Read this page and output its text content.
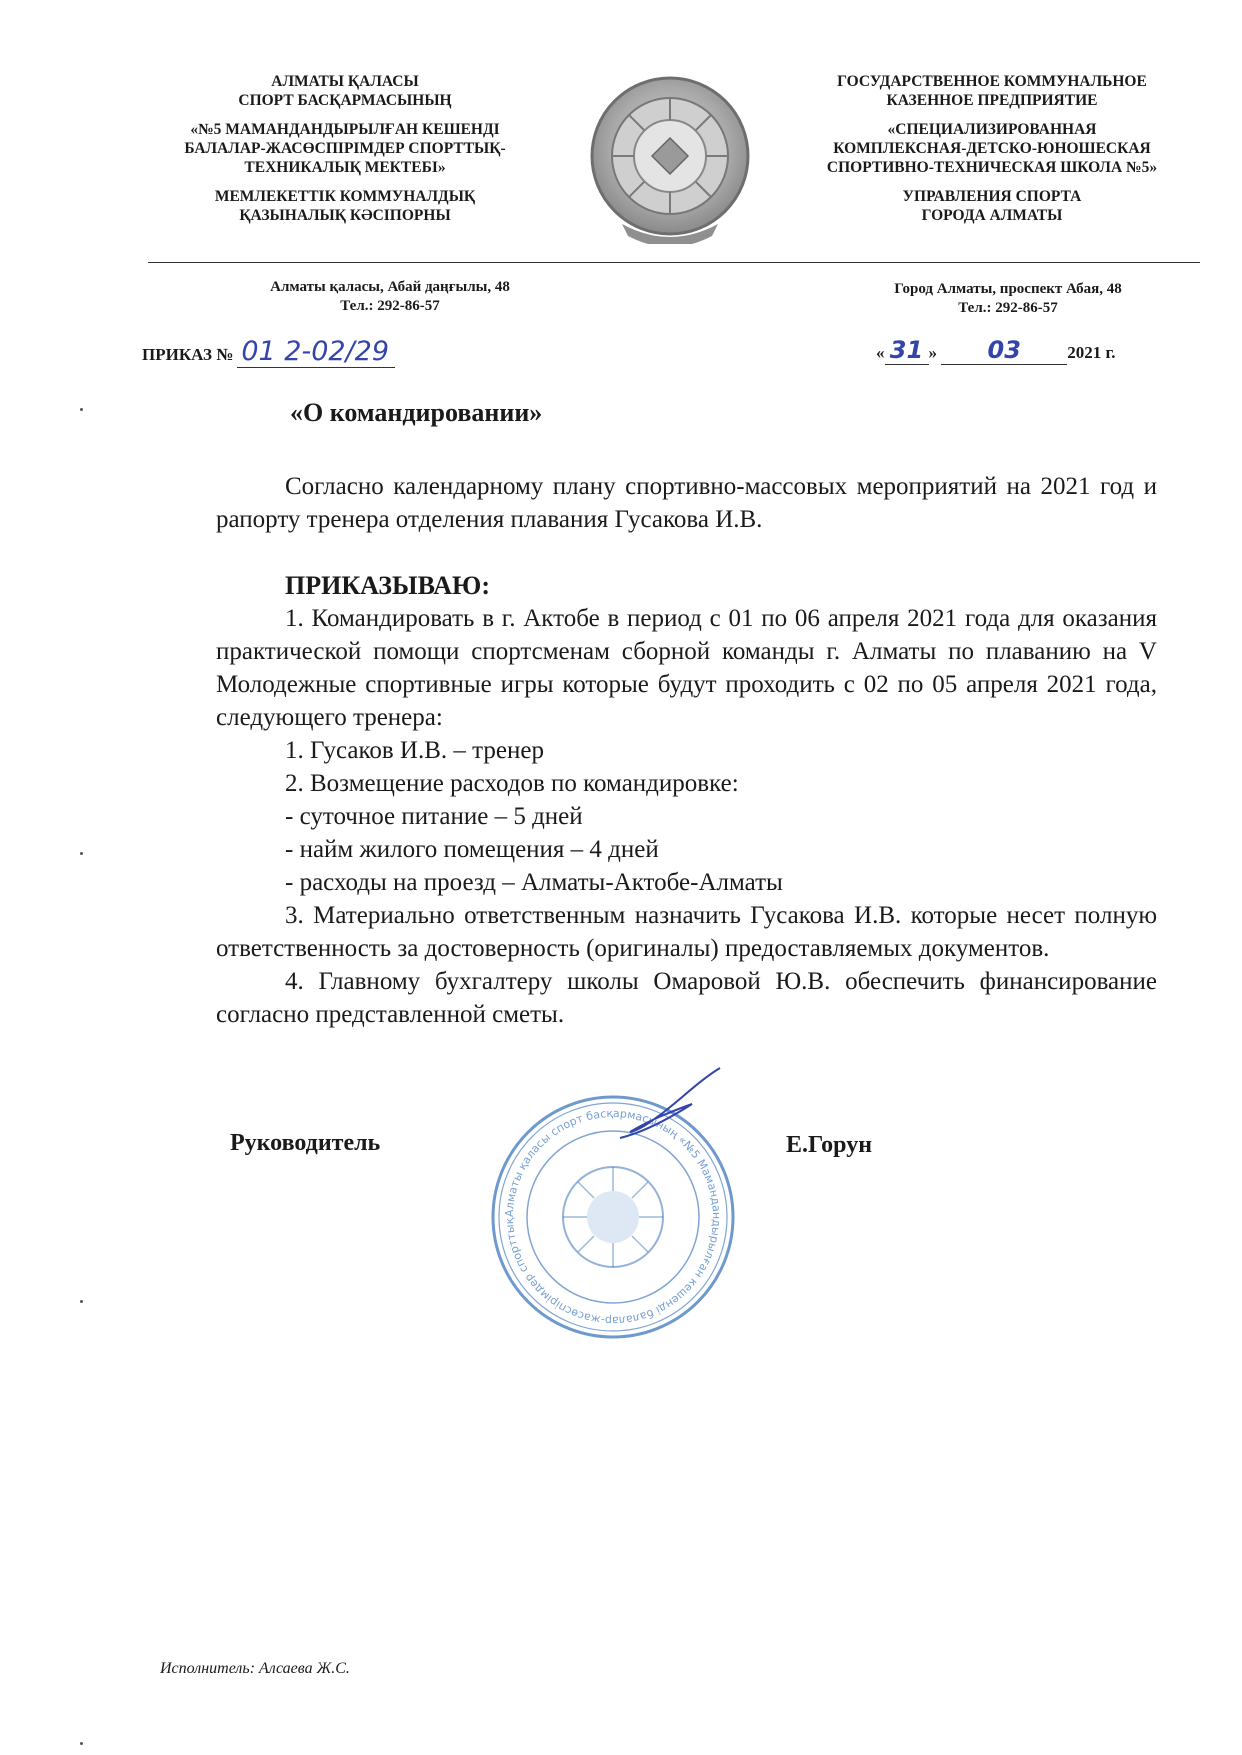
АЛМАТЫ ҚАЛАСЫ

СПОРТ БАСҚАРМАСЫНЫҢ

«№5 МАМАНДАНДЫРЫЛҒАН КЕШЕНДІ

БАЛАЛАР-ЖАСӨСПІРІМДЕР СПОРТТЫҚ-

ТЕХНИКАЛЫҚ МЕКТЕБІ»

МЕМЛЕКЕТТІК КОММУНАЛДЫҚ

ҚАЗЫНАЛЫҚ КӘСІПОРНЫ

ГОСУДАРСТВЕННОЕ КОММУНАЛЬНОЕ

КАЗЕННОЕ ПРЕДПРИЯТИЕ

«СПЕЦИАЛИЗИРОВАННАЯ

КОМПЛЕКСНАЯ-ДЕТСКО-ЮНОШЕСКАЯ

СПОРТИВНО-ТЕХНИЧЕСКАЯ ШКОЛА №5»

УПРАВЛЕНИЯ СПОРТА

ГОРОДА АЛМАТЫ

Алматы қаласы, Абай даңғылы, 48

Тел.: 292-86-57

Город Алматы, проспект Абая, 48

Тел.: 292-86-57

ПРИКАЗ № 01 2-02/29	« 31 » 03	2021 г.
«О командировании»

Согласно календарному плану спортивно-массовых мероприятий на 2021 год и рапорту тренера отделения плавания Гусакова И.В.

ПРИКАЗЫВАЮ:

1. Командировать в г. Актобе в период с 01 по 06 апреля 2021 года для оказания практической помощи спортсменам сборной команды г. Алматы по плаванию на V Молодежные спортивные игры которые будут проходить с 02 по 05 апреля 2021 года, следующего тренера:

1. Гусаков И.В. – тренер

2. Возмещение расходов по командировке:

- суточное питание – 5 дней

- найм жилого помещения – 4 дней

- расходы на проезд – Алматы-Актобе-Алматы

3. Материально ответственным назначить Гусакова И.В. которые несет полную ответственность за достоверность (оригиналы) предоставляемых документов.

4. Главному бухгалтеру школы Омаровой Ю.В. обеспечить финансирование согласно представленной сметы.

Алматы қаласы спорт басқармасының «№5 Мамандандырылған кешенді балалар-жасөспірімдер спорттық
Руководитель	Е.Горун
Исполнитель: Алсаева Ж.С.
